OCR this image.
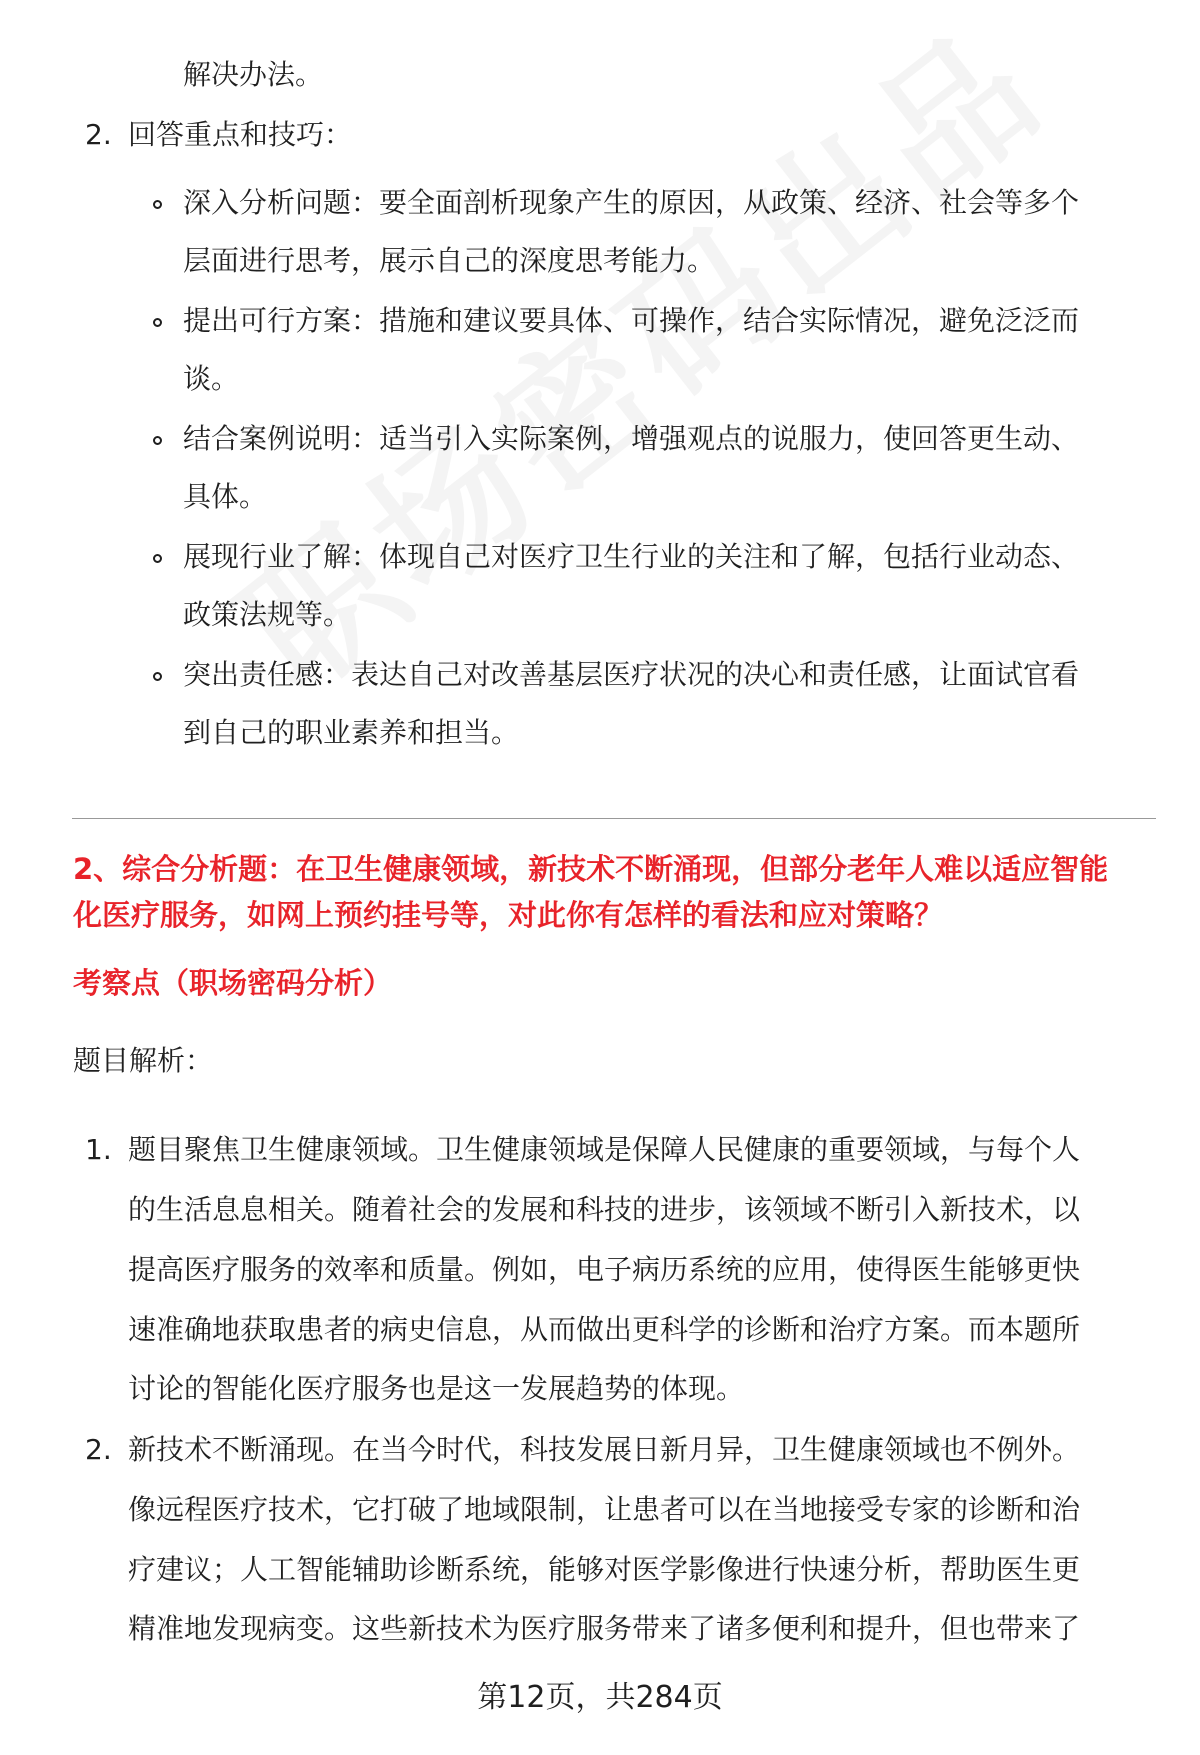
解决办法。
2. 回答重点和技巧：
深入分析问题：要全面剖析现象产生的原因，从政策、经济、社会等多个
层面进行思考，展示自己的深度思考能力。
提出可行方案：措施和建议要具体、可操作，结合实际情况，避免泛泛而
谈。
结合案例说明：适当引入实际案例，增强观点的说服力，使回答更生动、
具体。
展现行业了解：体现自己对医疗卫生行业的关注和了解，包括行业动态、
政策法规等。
突出责任感：表达自己对改善基层医疗状况的决心和责任感，让面试官看
到自己的职业素养和担当。
2、综合分析题：在卫生健康领域，新技术不断涌现，但部分老年人难以适应智能
化医疗服务，如网上预约挂号等，对此你有怎样的看法和应对策略？
考察点（职场密码分析）
题目解析：
1. 题目聚焦卫生健康领域。卫生健康领域是保障人民健康的重要领域，与每个人
的生活息息相关。随着社会的发展和科技的进步，该领域不断引入新技术，以
提高医疗服务的效率和质量。例如，电子病历系统的应用，使得医生能够更快
速准确地获取患者的病史信息，从而做出更科学的诊断和治疗方案。而本题所
讨论的智能化医疗服务也是这一发展趋势的体现。
2. 新技术不断涌现。在当今时代，科技发展日新月异，卫生健康领域也不例外。
像远程医疗技术，它打破了地域限制，让患者可以在当地接受专家的诊断和治
疗建议；人工智能辅助诊断系统，能够对医学影像进行快速分析，帮助医生更
精准地发现病变。这些新技术为医疗服务带来了诸多便利和提升，但也带来了
第12页，共284页
